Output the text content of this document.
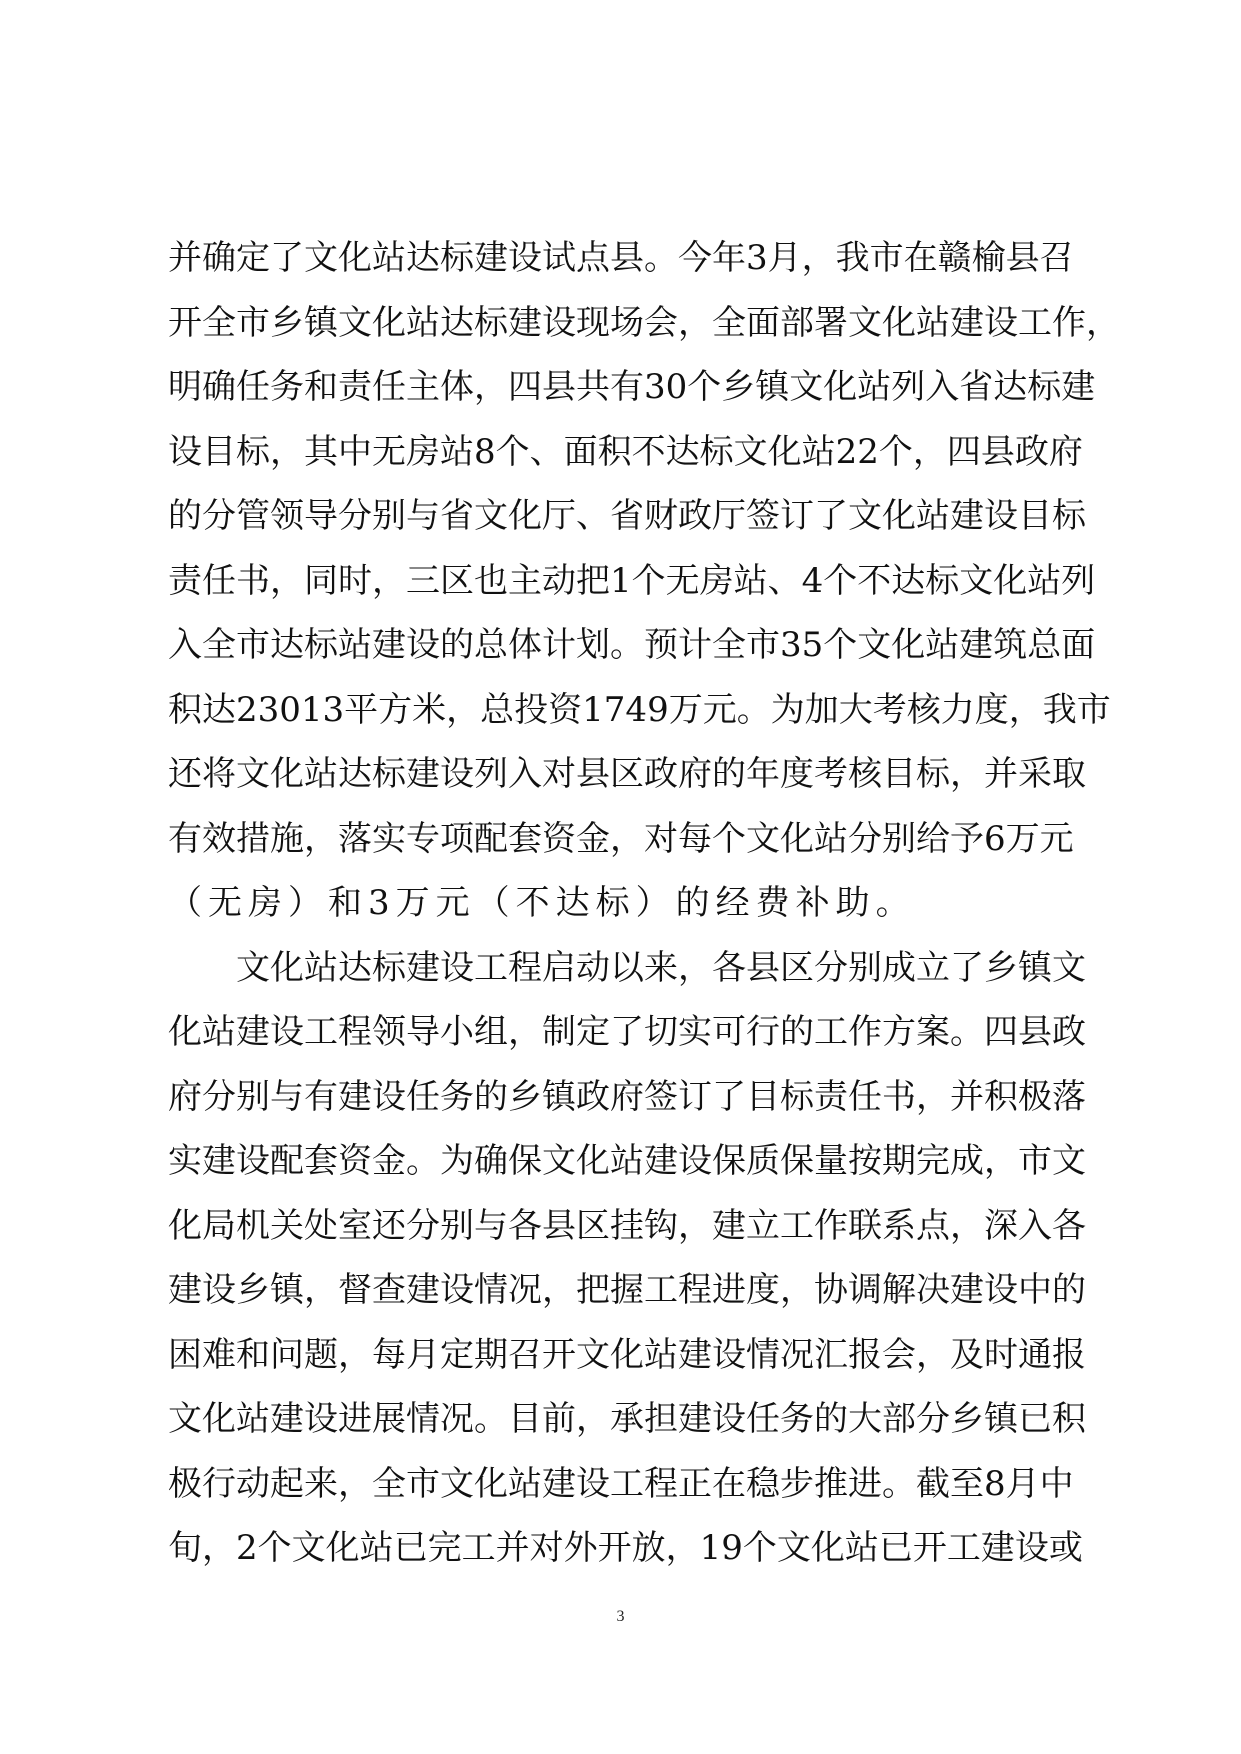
并 确 定 了 文 化 站 达 标 建 设 试 点 县 。 今 年 3 月 ， 我 市 在 赣 榆 县 召
开 全 市 乡 镇 文 化 站 达 标 建 设 现 场 会 ， 全 面 部 署 文 化 站 建 设 工 作 ，
明 确 任 务 和 责 任 主 体 ， 四 县 共 有 30 个 乡 镇 文 化 站 列 入 省 达 标 建
设 目 标 ， 其 中 无 房 站 8 个 、 面 积 不 达 标 文 化 站 22 个 ， 四 县 政 府
的 分 管 领 导 分 别 与 省 文 化 厅 、 省 财 政 厅 签 订 了 文 化 站 建 设 目 标
责 任 书 ， 同 时 ， 三 区 也 主 动 把 1 个 无 房 站 、 4 个 不 达 标 文 化 站 列
入 全 市 达 标 站 建 设 的 总 体 计 划 。 预 计 全 市 35 个 文 化 站 建 筑 总 面
积 达 23013 平 方 米 ， 总 投 资 1749 万 元 。 为 加 大 考 核 力 度 ， 我 市
还 将 文 化 站 达 标 建 设 列 入 对 县 区 政 府 的 年 度 考 核 目 标 ， 并 采 取
有 效 措 施 ， 落 实 专 项 配 套 资 金 ， 对 每 个 文 化 站 分 别 给 予 6 万 元
（ 无 房 ） 和 3 万 元 （ 不 达 标 ） 的 经 费 补 助 。
文 化 站 达 标 建 设 工 程 启 动 以 来 ， 各 县 区 分 别 成 立 了 乡 镇 文
化 站 建 设 工 程 领 导 小 组 ， 制 定 了 切 实 可 行 的 工 作 方 案 。 四 县 政
府 分 别 与 有 建 设 任 务 的 乡 镇 政 府 签 订 了 目 标 责 任 书 ， 并 积 极 落
实 建 设 配 套 资 金 。 为 确 保 文 化 站 建 设 保 质 保 量 按 期 完 成 ， 市 文
化 局 机 关 处 室 还 分 别 与 各 县 区 挂 钩 ， 建 立 工 作 联 系 点 ， 深 入 各
建 设 乡 镇 ， 督 查 建 设 情 况 ， 把 握 工 程 进 度 ， 协 调 解 决 建 设 中 的
困 难 和 问 题 ， 每 月 定 期 召 开 文 化 站 建 设 情 况 汇 报 会 ， 及 时 通 报
文 化 站 建 设 进 展 情 况 。 目 前 ， 承 担 建 设 任 务 的 大 部 分 乡 镇 已 积
极 行 动 起 来 ， 全 市 文 化 站 建 设 工 程 正 在 稳 步 推 进 。 截 至 8 月 中
旬 ， 2 个 文 化 站 已 完 工 并 对 外 开 放 ， 19 个 文 化 站 已 开 工 建 设 或
3
